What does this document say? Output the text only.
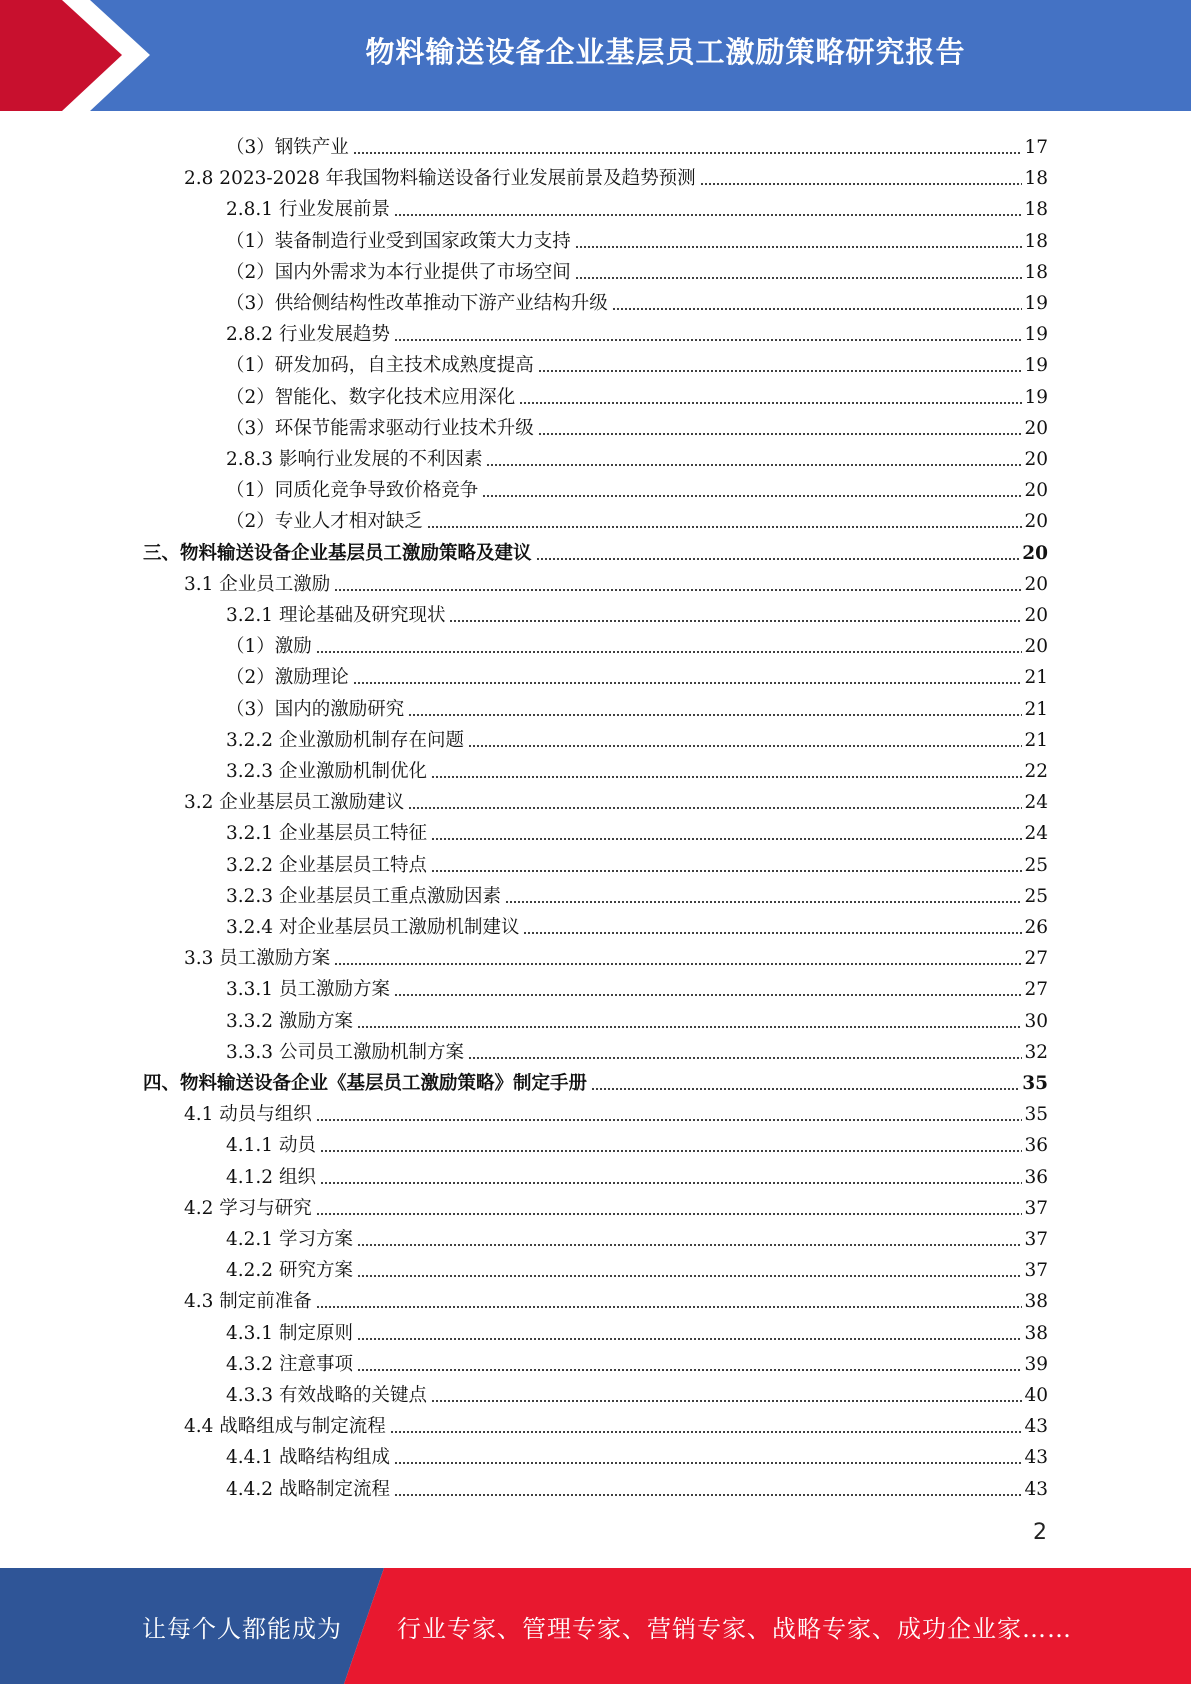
物料输送设备企业基层员工激励策略研究报告
（3）钢铁产业	17
2.8 2023-2028 年我国物料输送设备行业发展前景及趋势预测	18
2.8.1 行业发展前景	18
（1）装备制造行业受到国家政策大力支持	18
（2）国内外需求为本行业提供了市场空间	18
（3）供给侧结构性改革推动下游产业结构升级	19
2.8.2 行业发展趋势	19
（1）研发加码，自主技术成熟度提高	19
（2）智能化、数字化技术应用深化	19
（3）环保节能需求驱动行业技术升级	20
2.8.3 影响行业发展的不利因素	20
（1）同质化竞争导致价格竞争	20
（2）专业人才相对缺乏	20
三、物料输送设备企业基层员工激励策略及建议	20
3.1 企业员工激励	20
3.2.1 理论基础及研究现状	20
（1）激励	20
（2）激励理论	21
（3）国内的激励研究	21
3.2.2 企业激励机制存在问题	21
3.2.3 企业激励机制优化	22
3.2 企业基层员工激励建议	24
3.2.1 企业基层员工特征	24
3.2.2 企业基层员工特点	25
3.2.3 企业基层员工重点激励因素	25
3.2.4 对企业基层员工激励机制建议	26
3.3 员工激励方案	27
3.3.1 员工激励方案	27
3.3.2 激励方案	30
3.3.3 公司员工激励机制方案	32
四、物料输送设备企业《基层员工激励策略》制定手册	35
4.1 动员与组织	35
4.1.1 动员	36
4.1.2 组织	36
4.2 学习与研究	37
4.2.1 学习方案	37
4.2.2 研究方案	37
4.3 制定前准备	38
4.3.1 制定原则	38
4.3.2 注意事项	39
4.3.3 有效战略的关键点	40
4.4 战略组成与制定流程	43
4.4.1 战略结构组成	43
4.4.2 战略制定流程	43
2
让每个人都能成为 行业专家、管理专家、营销专家、战略专家、成功企业家……
